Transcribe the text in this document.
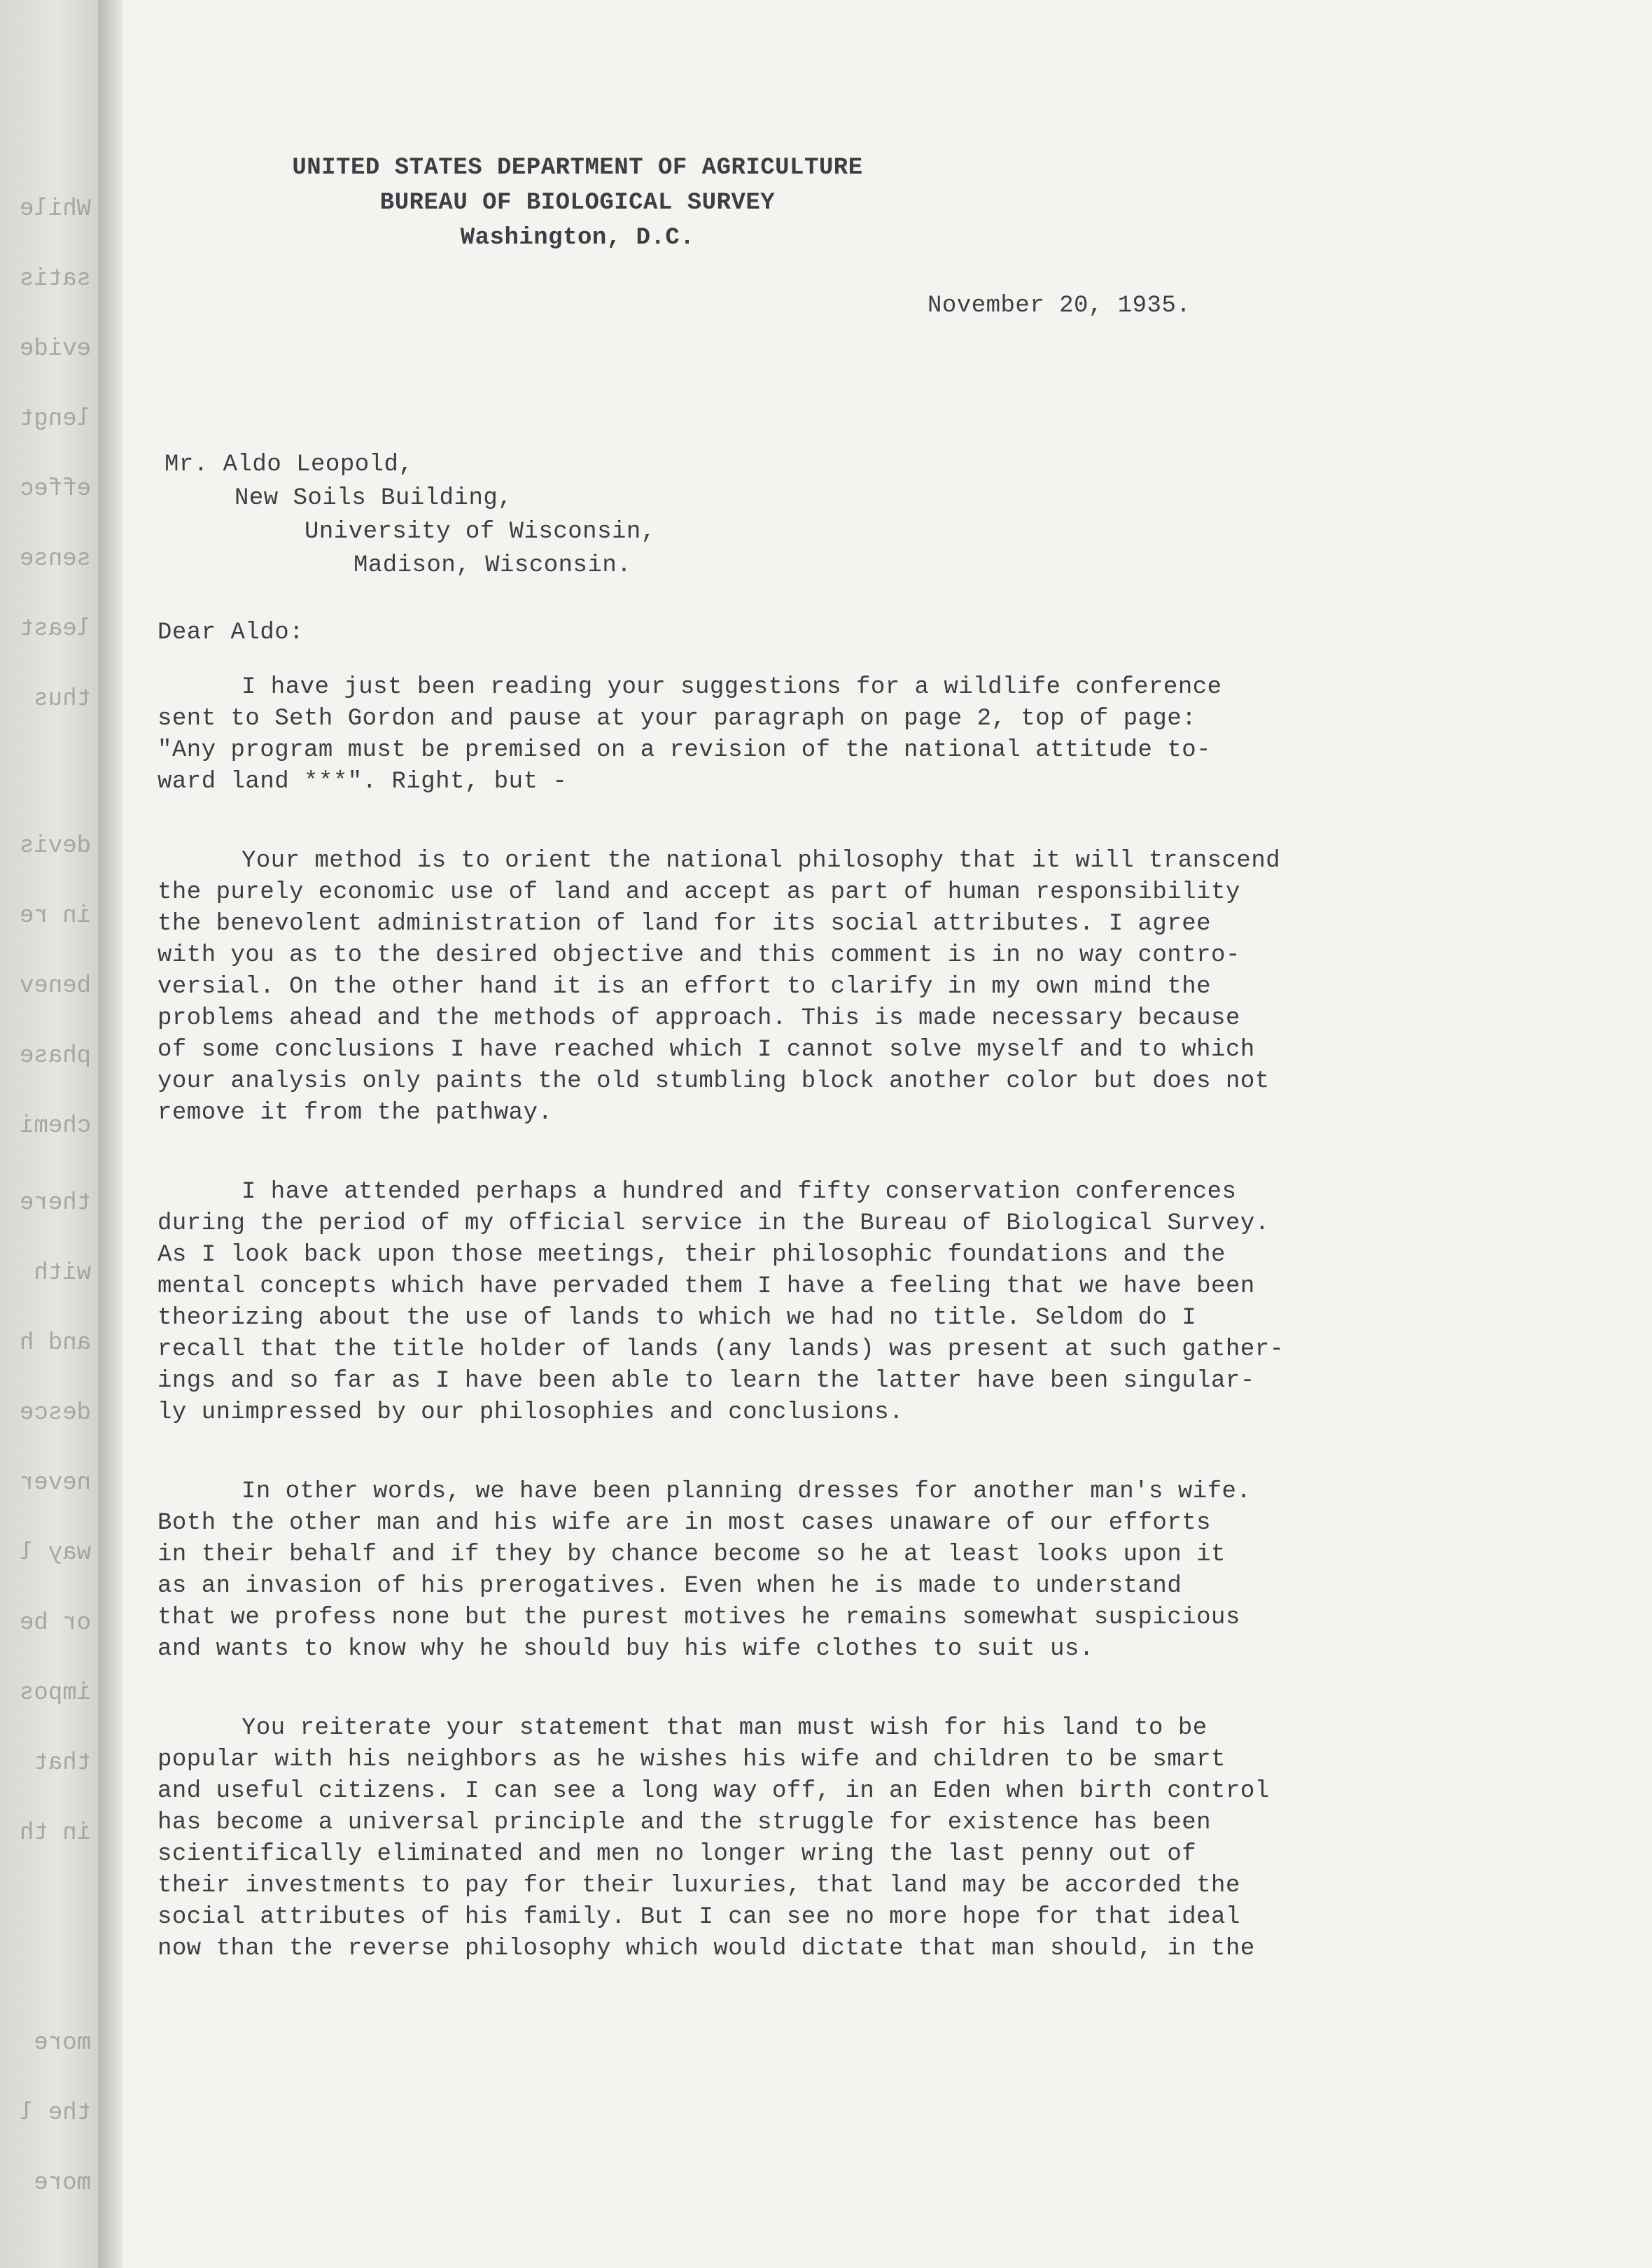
While
satis
evide
lengt
effec
sense
least
thus
devis
in re
benev
phase
chemi
there
with
and h
desce
never
way l
or be
impos
that
in th
more
the l
more
UNITED STATES DEPARTMENT OF AGRICULTURE
BUREAU OF BIOLOGICAL SURVEY
Washington, D.C.
November 20, 1935.
Mr. Aldo Leopold,
New Soils Building,
University of Wisconsin,
Madison, Wisconsin.
Dear Aldo:
I have just been reading your suggestions for a wildlife conference
sent to Seth Gordon and pause at your paragraph on page 2, top of page:
"Any program must be premised on a revision of the national attitude to-
ward land ***". Right, but -
Your method is to orient the national philosophy that it will transcend
the purely economic use of land and accept as part of human responsibility
the benevolent administration of land for its social attributes. I agree
with you as to the desired objective and this comment is in no way contro-
versial. On the other hand it is an effort to clarify in my own mind the
problems ahead and the methods of approach. This is made necessary because
of some conclusions I have reached which I cannot solve myself and to which
your analysis only paints the old stumbling block another color but does not
remove it from the pathway.
I have attended perhaps a hundred and fifty conservation conferences
during the period of my official service in the Bureau of Biological Survey.
As I look back upon those meetings, their philosophic foundations and the
mental concepts which have pervaded them I have a feeling that we have been
theorizing about the use of lands to which we had no title. Seldom do I
recall that the title holder of lands (any lands) was present at such gather-
ings and so far as I have been able to learn the latter have been singular-
ly unimpressed by our philosophies and conclusions.
In other words, we have been planning dresses for another man's wife.
Both the other man and his wife are in most cases unaware of our efforts
in their behalf and if they by chance become so he at least looks upon it
as an invasion of his prerogatives. Even when he is made to understand
that we profess none but the purest motives he remains somewhat suspicious
and wants to know why he should buy his wife clothes to suit us.
You reiterate your statement that man must wish for his land to be
popular with his neighbors as he wishes his wife and children to be smart
and useful citizens. I can see a long way off, in an Eden when birth control
has become a universal principle and the struggle for existence has been
scientifically eliminated and men no longer wring the last penny out of
their investments to pay for their luxuries, that land may be accorded the
social attributes of his family. But I can see no more hope for that ideal
now than the reverse philosophy which would dictate that man should, in the
